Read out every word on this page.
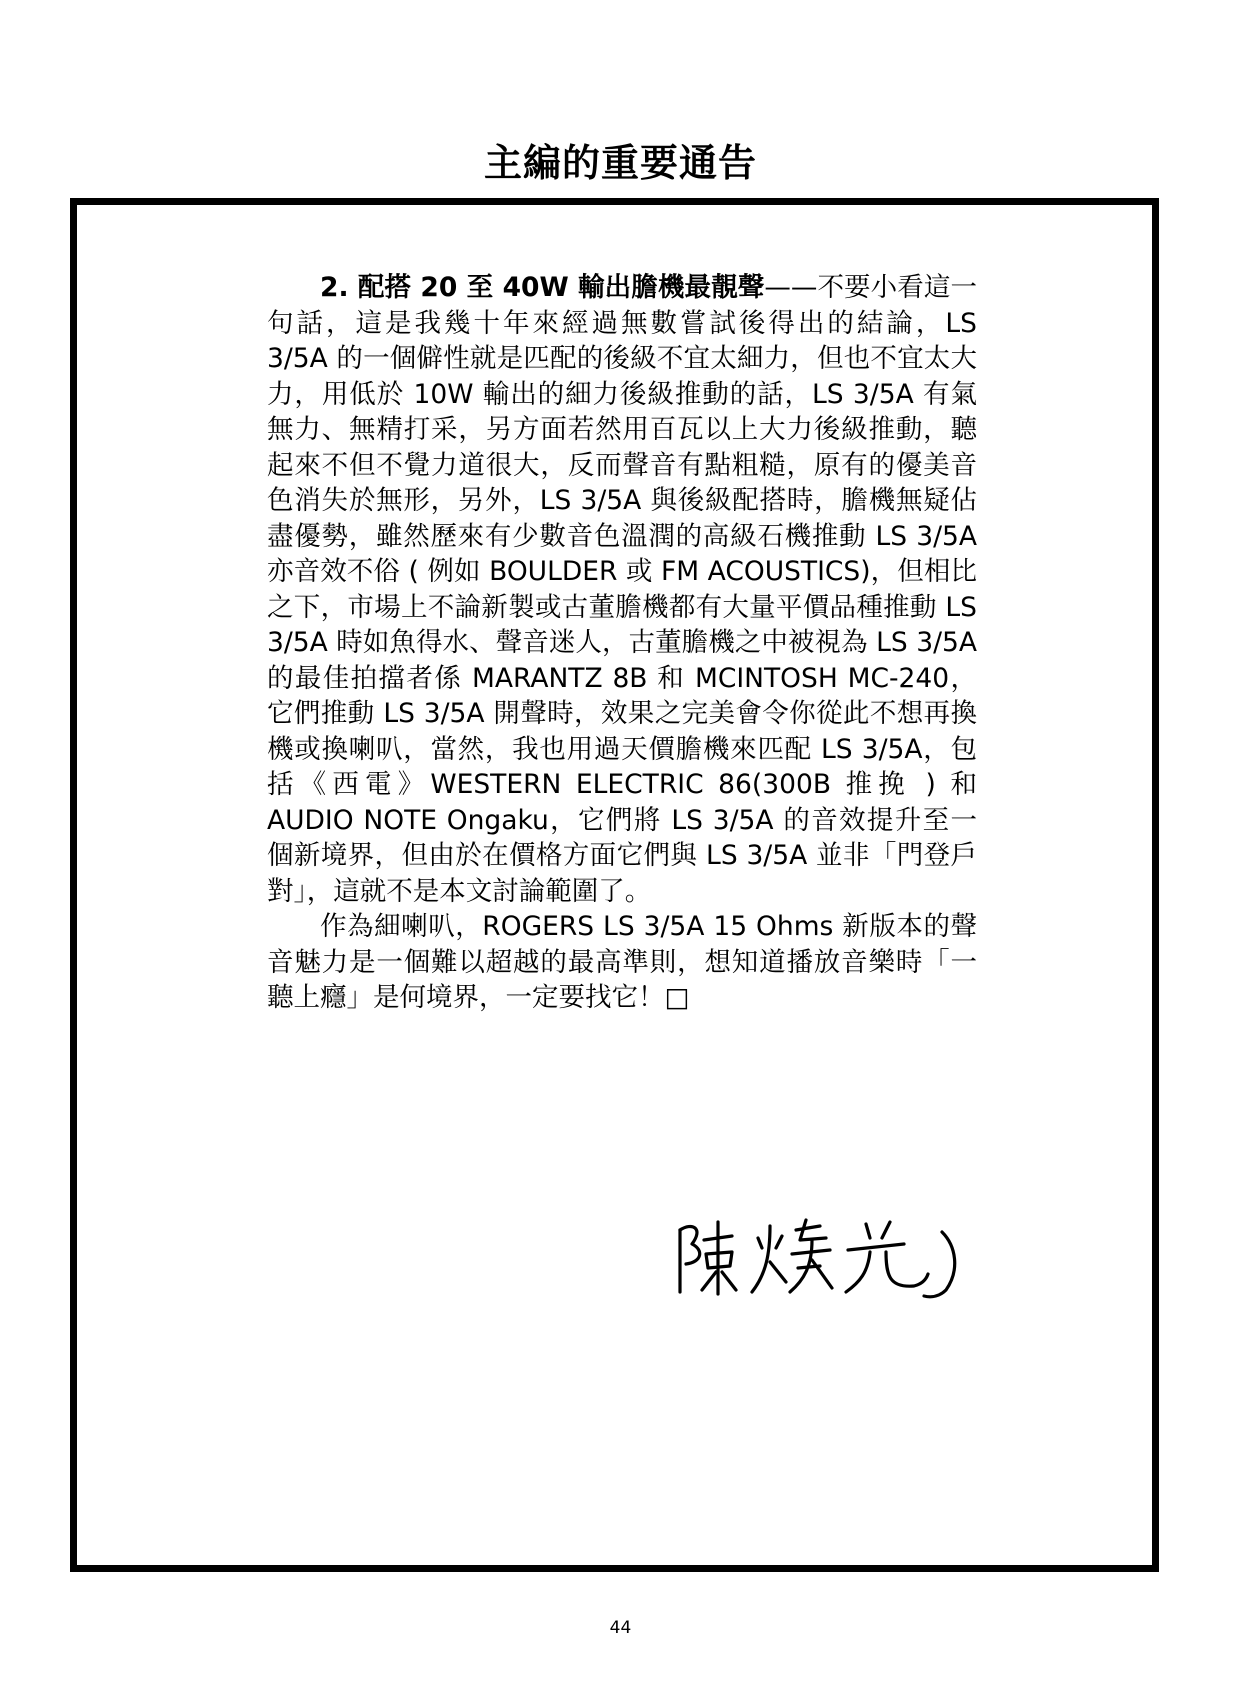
主編的重要通告

2. 配搭 20 至 40W 輸出膽機最靚聲——不要小看這一句話，這是我幾十年來經過無數嘗試後得出的結論，LS 3/5A 的一個僻性就是匹配的後級不宜太細力，但也不宜太大力，用低於 10W 輸出的細力後級推動的話，LS 3/5A 有氣無力、無精打采，另方面若然用百瓦以上大力後級推動，聽起來不但不覺力道很大，反而聲音有點粗糙，原有的優美音色消失於無形，另外，LS 3/5A 與後級配搭時，膽機無疑佔盡優勢，雖然歷來有少數音色溫潤的高級石機推動 LS 3/5A 亦音效不俗 ( 例如 BOULDER 或 FM ACOUSTICS)，但相比之下，市場上不論新製或古董膽機都有大量平價品種推動 LS 3/5A 時如魚得水、聲音迷人，古董膽機之中被視為 LS 3/5A 的最佳拍擋者係 MARANTZ 8B 和 MCINTOSH MC-240，它們推動 LS 3/5A 開聲時，效果之完美會令你從此不想再換機或換喇叭，當然，我也用過天價膽機來匹配 LS 3/5A，包括《西電》WESTERN ELECTRIC 86(300B 推挽 ) 和 AUDIO NOTE Ongaku，它們將 LS 3/5A 的音效提升至一個新境界，但由於在價格方面它們與 LS 3/5A 並非「門登戶對」，這就不是本文討論範圍了。

作為細喇叭，ROGERS LS 3/5A 15 Ohms 新版本的聲音魅力是一個難以超越的最高準則，想知道播放音樂時「一聽上癮」是何境界，一定要找它！□

44
